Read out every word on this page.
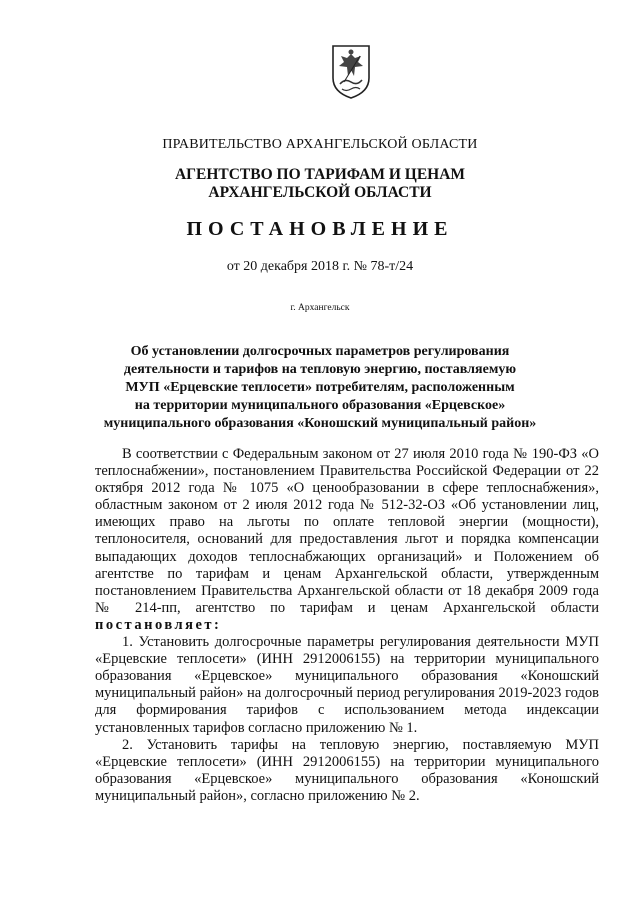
ПРАВИТЕЛЬСТВО АРХАНГЕЛЬСКОЙ ОБЛАСТИ
АГЕНТСТВО ПО ТАРИФАМ И ЦЕНАМ
АРХАНГЕЛЬСКОЙ ОБЛАСТИ
ПОСТАНОВЛЕНИЕ
от 20 декабря 2018 г. № 78-т/24
г. Архангельск
Об установлении долгосрочных параметров регулирования
деятельности и тарифов на тепловую энергию, поставляемую
МУП «Ерцевские теплосети» потребителям, расположенным
на территории муниципального образования «Ерцевское»
муниципального образования «Коношский муниципальный район»

В соответствии с Федеральным законом от 27 июля 2010 года № 190-ФЗ «О теплоснабжении», постановлением Правительства Российской Федерации от 22 октября 2012 года № 1075 «О ценообразовании в сфере теплоснабжения», областным законом от 2 июля 2012 года № 512-32-ОЗ «Об установлении лиц, имеющих право на льготы по оплате тепловой энергии (мощности), теплоносителя, оснований для предоставления льгот и порядка компенсации выпадающих доходов теплоснабжающих организаций» и Положением об агентстве по тарифам и ценам Архангельской области, утвержденным постановлением Правительства Архангельской области от 18 декабря 2009 года № 214-пп, агентство по тарифам и ценам Архангельской области постановляет:

1. Установить долгосрочные параметры регулирования деятельности МУП «Ерцевские теплосети» (ИНН 2912006155) на территории муниципального образования «Ерцевское» муниципального образования «Коношский муниципальный район» на долгосрочный период регулирования 2019-2023 годов для формирования тарифов с использованием метода индексации установленных тарифов согласно приложению № 1.

2. Установить тарифы на тепловую энергию, поставляемую МУП «Ерцевские теплосети» (ИНН 2912006155) на территории муниципального образования «Ерцевское» муниципального образования «Коношский муниципальный район», согласно приложению № 2.
